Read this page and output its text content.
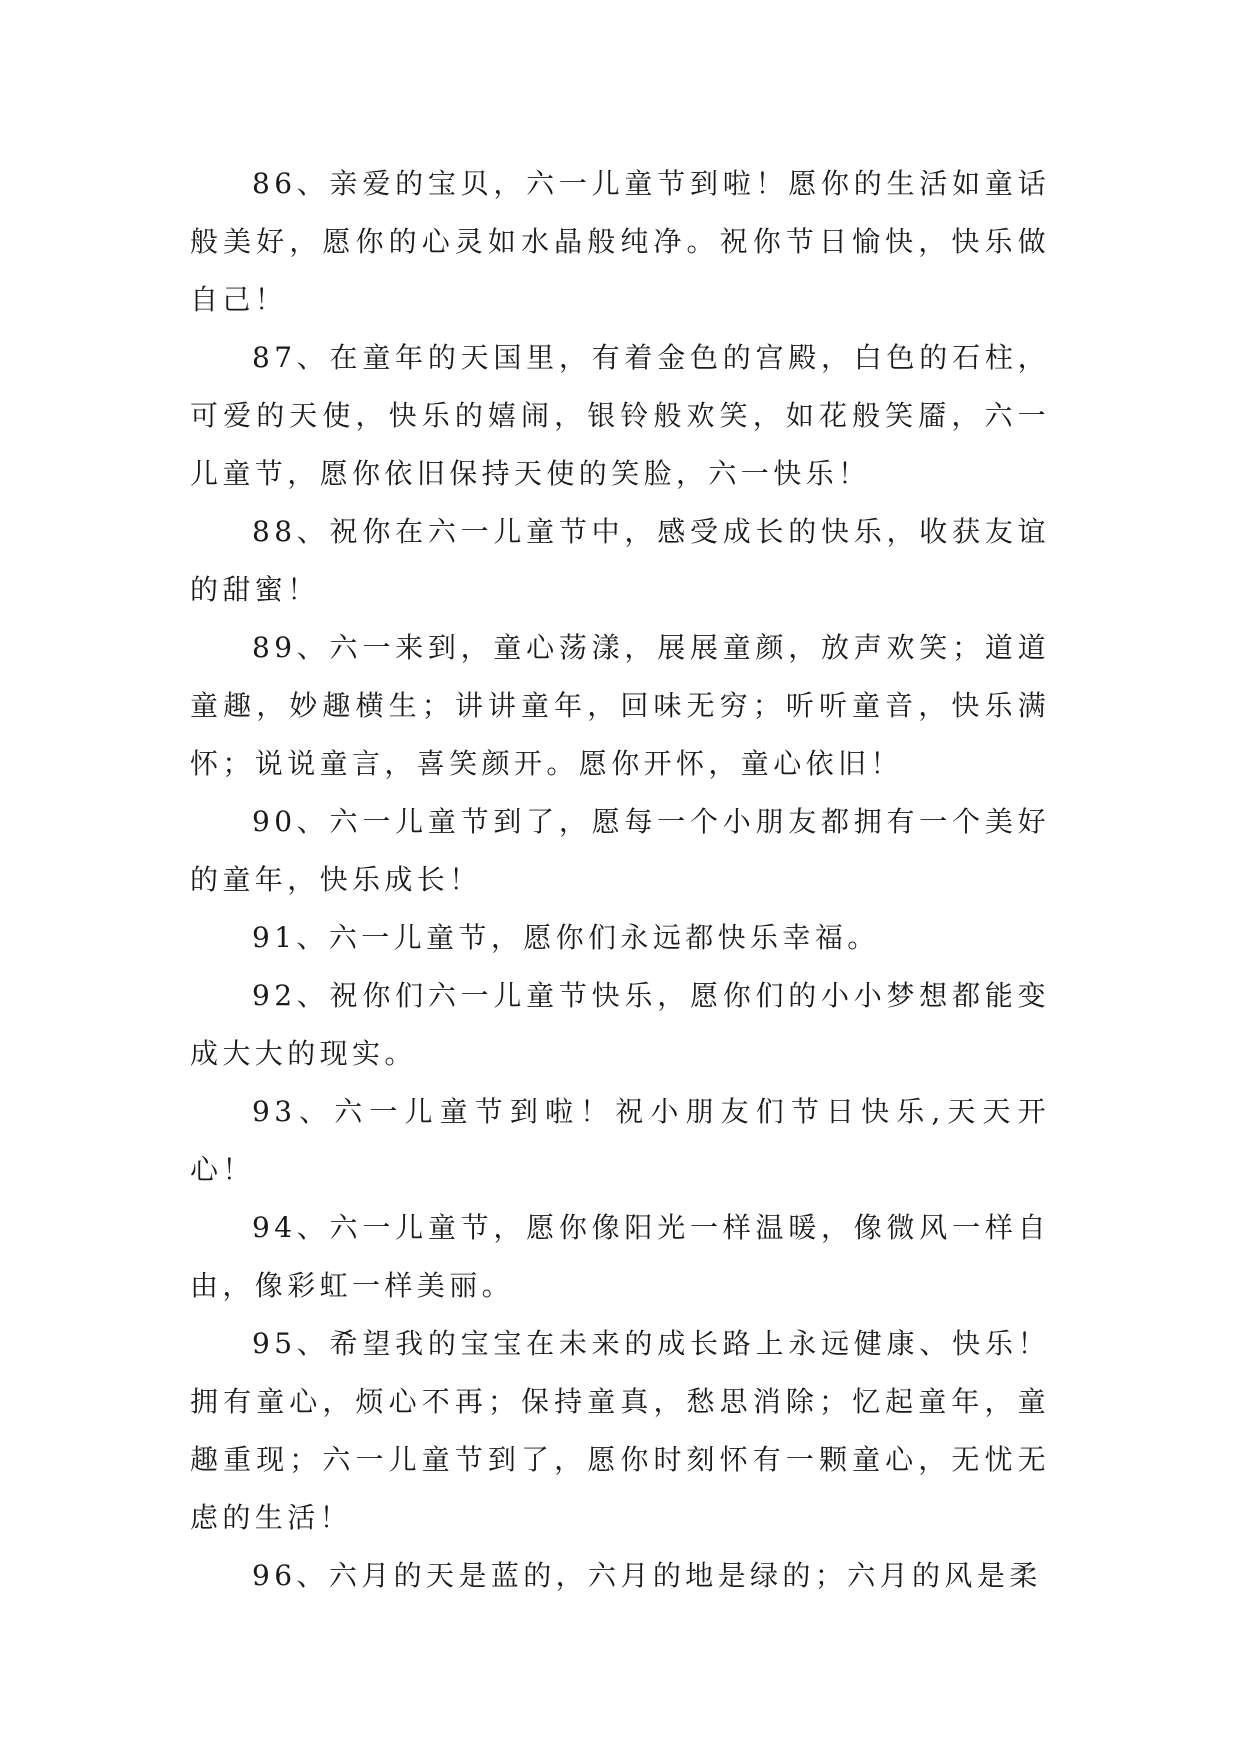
86、亲爱的宝贝，六一儿童节到啦！愿你的生活如童话般美好，愿你的心灵如水晶般纯净。祝你节日愉快，快乐做自己！

87、在童年的天国里，有着金色的宫殿，白色的石柱，可爱的天使，快乐的嬉闹，银铃般欢笑，如花般笑靥，六一儿童节，愿你依旧保持天使的笑脸，六一快乐！

88、祝你在六一儿童节中，感受成长的快乐，收获友谊的甜蜜！

89、六一来到，童心荡漾，展展童颜，放声欢笑；道道童趣，妙趣横生；讲讲童年，回味无穷；听听童音，快乐满怀；说说童言，喜笑颜开。愿你开怀，童心依旧！

90、六一儿童节到了，愿每一个小朋友都拥有一个美好的童年，快乐成长！

91、六一儿童节，愿你们永远都快乐幸福。

92、祝你们六一儿童节快乐，愿你们的小小梦想都能变成大大的现实。

93、六一儿童节到啦！祝小朋友们节日快乐,天天开心！

94、六一儿童节，愿你像阳光一样温暖，像微风一样自由，像彩虹一样美丽。

95、希望我的宝宝在未来的成长路上永远健康、快乐！拥有童心，烦心不再；保持童真，愁思消除；忆起童年，童趣重现；六一儿童节到了，愿你时刻怀有一颗童心，无忧无虑的生活！

96、六月的天是蓝的，六月的地是绿的；六月的风是柔
